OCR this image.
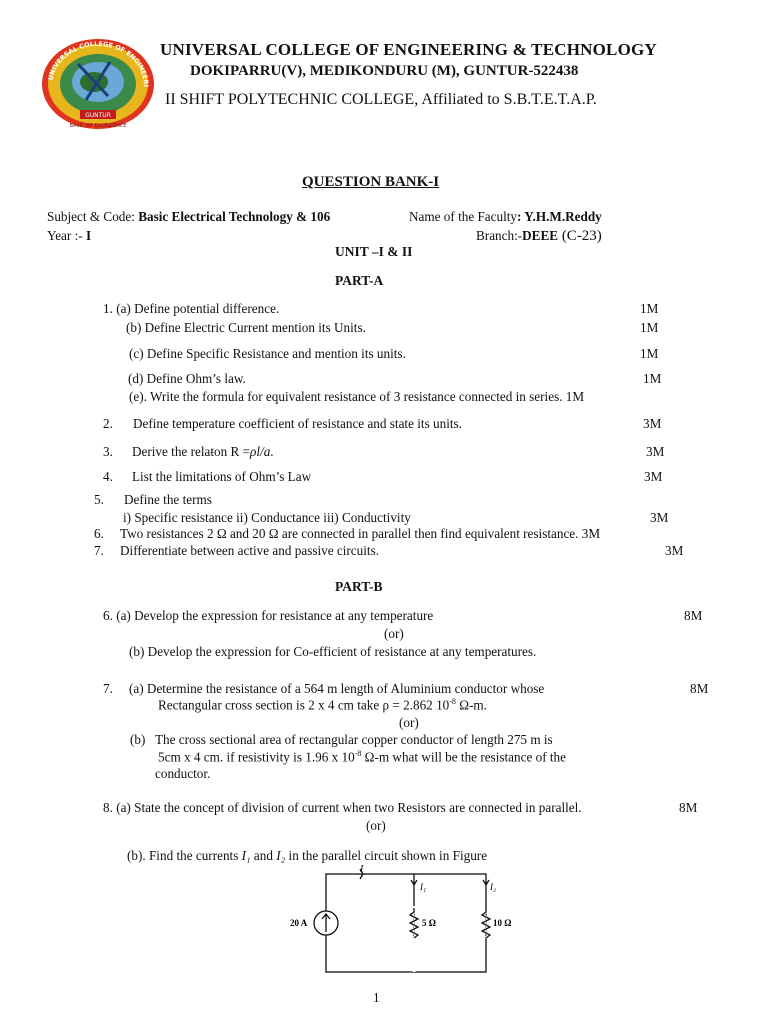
UNIVERSAL COLLEGE OF ENGINEERI
GUNTUR
BASIC OF EXCELLENCE
UNIVERSAL COLLEGE OF ENGINEERING & TECHNOLOGY
DOKIPARRU(V), MEDIKONDURU (M), GUNTUR-522438
II SHIFT POLYTECHNIC COLLEGE, Affiliated to S.B.T.E.T.A.P.
QUESTION BANK-I
Subject & Code: Basic Electrical Technology & 106	Name of the Faculty: Y.H.M.Reddy
Year :- I	Branch:-DEEE (C-23)
UNIT –I & II
PART-A
1. (a) Define potential difference.	1M
(b) Define Electric Current mention its Units.	1M
(c) Define Specific Resistance and mention its units.	1M
(d) Define Ohm’s law.	1M
(e). Write the formula for equivalent resistance of 3 resistance connected in series. 1M
2. Define temperature coefficient of resistance and state its units.	3M
3. Derive the relaŧon R =ρl/a.	3M
4. List the limitations of Ohm’s Law	3M
5. Define the terms
i) Specific resistance ii) Conductance iii) Conductivity	3M
6. Two resistances 2 Ω and 20 Ω are connected in parallel then find equivalent resistance. 3M
7. Differentiate between active and passive circuits.	3M
PART-B
6. (a) Develop the expression for resistance at any temperature	8M
(or)
(b) Develop the expression for Co-efficient of resistance at any temperatures.
7. (a) Determine the resistance of a 564 m length of Aluminium conductor whose	8M
Rectangular cross section is 2 x 4 cm take ρ = 2.862 $10^{-8}$ Ω-m.
(or)
(b) The cross sectional area of rectangular copper conductor of length 275 m is
5cm x 4 cm. if resistivity is 1.96 x $10^{-8}$ Ω-m what will be the resistance of the
conductor.
8. (a) State the concept of division of current when two Resistors are connected in parallel.	8M
(or)
(b). Find the currents I₁ and I₂ in the parallel circuit shown in Figure
I
I₁	I₂
20 A	5 Ω	10 Ω
1
